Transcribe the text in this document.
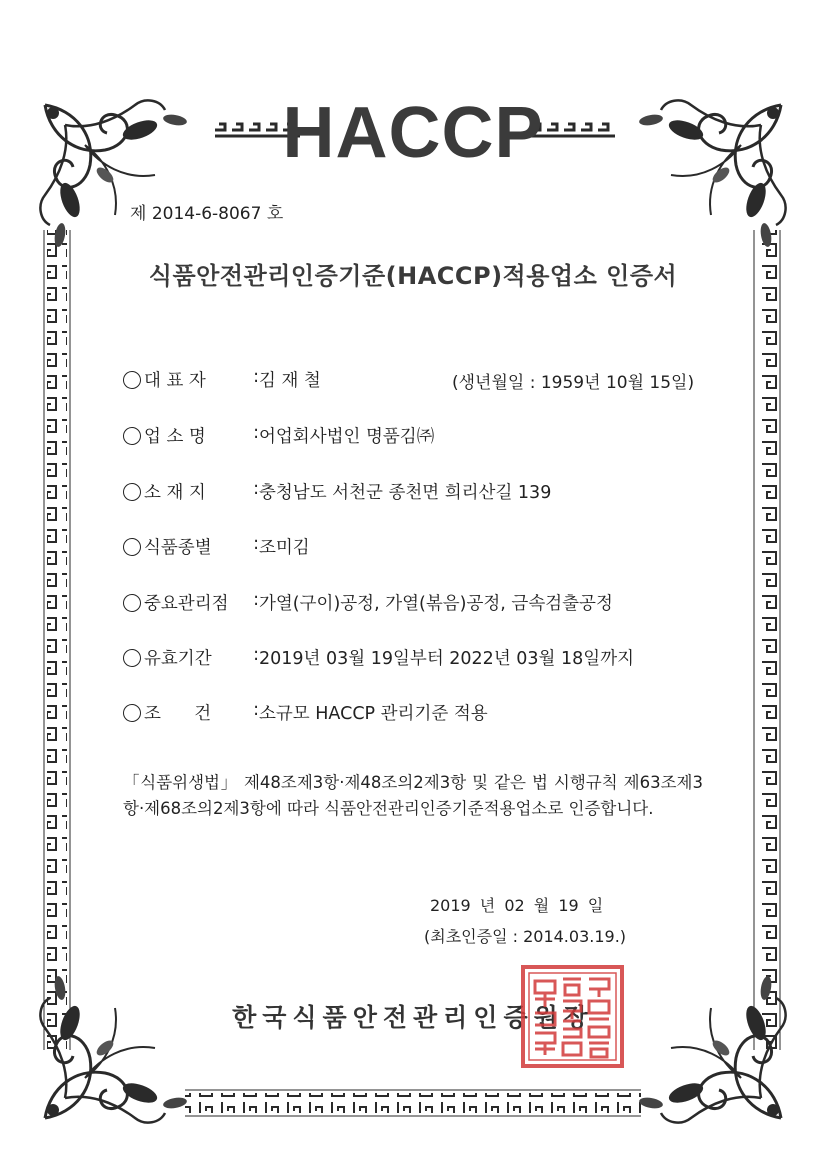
HACCP
제 2014-6-8067 호
식품안전관리인증기준(HACCP)적용업소 인증서
대 표 자	: 김 재 철	(생년월일 : 1959년 10월 15일)
업 소 명	: 어업회사법인 명품김㈜
소 재 지	: 충청남도 서천군 종천면 희리산길 139
식품종별 : 조미김
중요관리점 : 가열(구이)공정, 가열(볶음)공정, 금속검출공정
유효기간 : 2019년 03월 19일부터 2022년 03월 18일까지
조      건 : 소규모 HACCP 관리기준 적용
「식품위생법」 제48조제3항·제48조의2제3항 및 같은 법 시행규칙 제63조제3항·제68조의2제3항에 따라 식품안전관리인증기준적용업소로 인증합니다.
2019 년 02 월 19 일
(최초인증일 : 2014.03.19.)
한국식품안전관리인증원장
